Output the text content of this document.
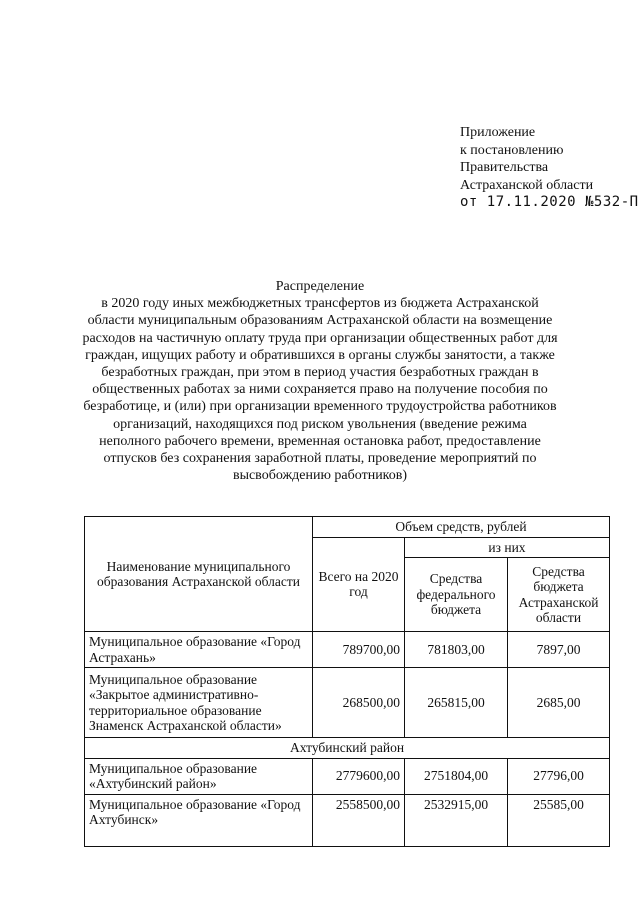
Приложение
к постановлению
Правительства
Астраханской области
от 17.11.2020 №532-П
Распределение
в 2020 году иных межбюджетных трансфертов из бюджета Астраханской
области муниципальным образованиям Астраханской области на возмещение
расходов на частичную оплату труда при организации общественных работ для
граждан, ищущих работу и обратившихся в органы службы занятости, а также
безработных граждан, при этом в период участия безработных граждан в
общественных работах за ними сохраняется право на получение пособия по
безработице, и (или) при организации временного трудоустройства работников
организаций, находящихся под риском увольнения (введение режима
неполного рабочего времени, временная остановка работ, предоставление
отпусков без сохранения заработной платы, проведение мероприятий по
высвобождению работников)
Наименование муниципального образования Астраханской области	Объем средств, рублей		
	Всего на 2020 год	из них	
		Средства федерального бюджета	Средства бюджета Астраханской области
Муниципальное образование «Город Астрахань»	789700,00	781803,00	7897,00
Муниципальное образование «Закрытое административно-территориальное образование Знаменск Астраханской области»	268500,00	265815,00	2685,00
Ахтубинский район			
Муниципальное образование «Ахтубинский район»	2779600,00	2751804,00	27796,00
Муниципальное образование «Город Ахтубинск»	2558500,00	2532915,00	25585,00
